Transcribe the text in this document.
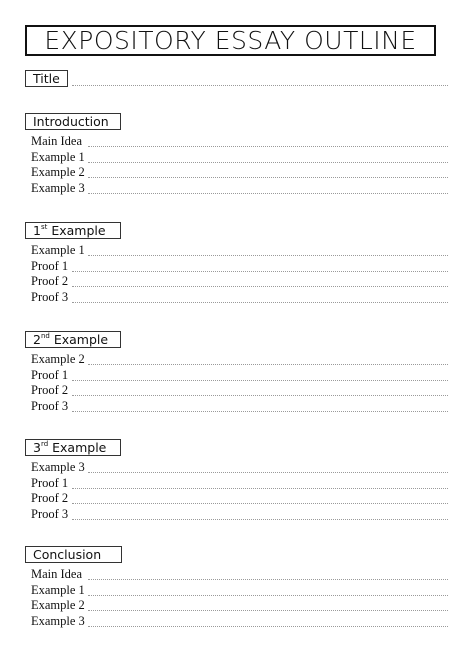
EXPOSITORY ESSAY OUTLINE
Title
Introduction
Main Idea
Example 1
Example 2
Example 3
1st Example
Example 1
Proof 1
Proof 2
Proof 3
2nd Example
Example 2
Proof 1
Proof 2
Proof 3
3rd Example
Example 3
Proof 1
Proof 2
Proof 3
Conclusion
Main Idea
Example 1
Example 2
Example 3
